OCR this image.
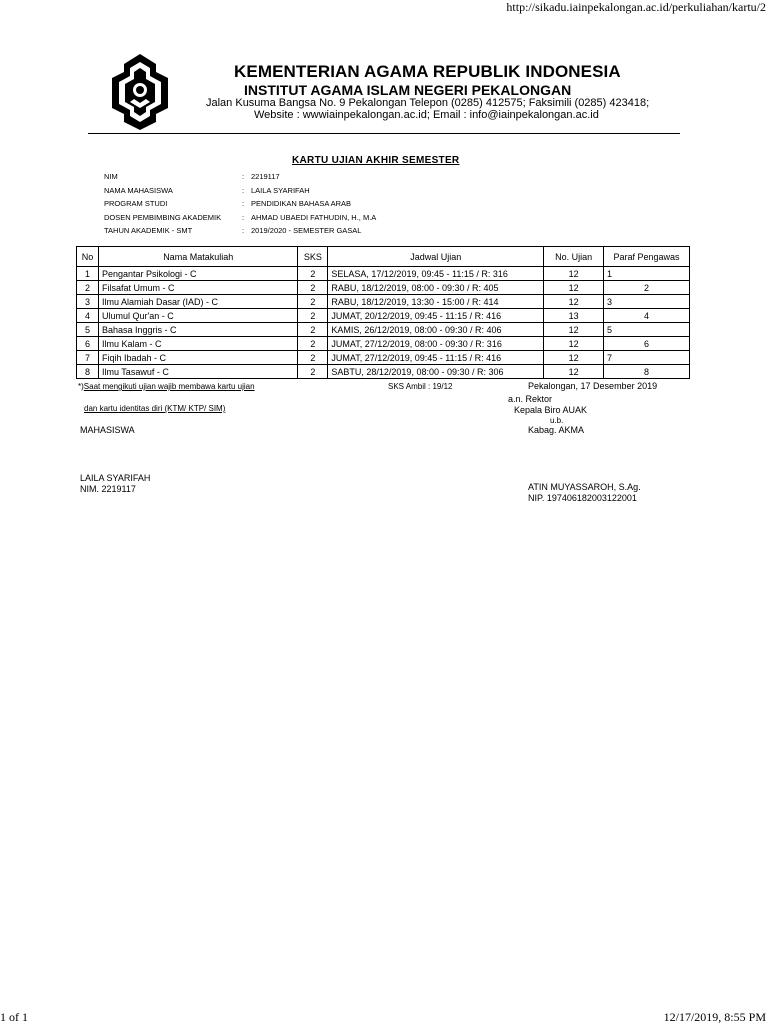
http://sikadu.iainpekalongan.ac.id/perkuliahan/kartu/2
KEMENTERIAN AGAMA REPUBLIK INDONESIA
INSTITUT AGAMA ISLAM NEGERI PEKALONGAN
Jalan Kusuma Bangsa No. 9 Pekalongan Telepon (0285) 412575; Faksimili (0285) 423418;
Website : wwwiainpekalongan.ac.id; Email : info@iainpekalongan.ac.id
KARTU UJIAN AKHIR SEMESTER
NIM	: 2219117
NAMA MAHASISWA	: LAILA SYARIFAH
PROGRAM STUDI	: PENDIDIKAN BAHASA ARAB
DOSEN PEMBIMBING AKADEMIK	: AHMAD UBAEDI FATHUDIN, H., M.A
TAHUN AKADEMIK - SMT	: 2019/2020 - SEMESTER GASAL
No	Nama Matakuliah	SKS	Jadwal Ujian	No. Ujian	Paraf Pengawas
1	Pengantar Psikologi - C	2	SELASA, 17/12/2019, 09:45 - 11:15 / R: 316	12	1
2	Filsafat Umum - C	2	RABU, 18/12/2019, 08:00 - 09:30 / R: 405	12	2
3	Ilmu Alamiah Dasar (IAD) - C	2	RABU, 18/12/2019, 13:30 - 15:00 / R: 414	12	3
4	Ulumul Qur'an - C	2	JUMAT, 20/12/2019, 09:45 - 11:15 / R: 416	13	4
5	Bahasa Inggris - C	2	KAMIS, 26/12/2019, 08:00 - 09:30 / R: 406	12	5
6	Ilmu Kalam - C	2	JUMAT, 27/12/2019, 08:00 - 09:30 / R: 316	12	6
7	Fiqih Ibadah - C	2	JUMAT, 27/12/2019, 09:45 - 11:15 / R: 416	12	7
8	Ilmu Tasawuf - C	2	SABTU, 28/12/2019, 08:00 - 09:30 / R: 306	12	8
*)Saat mengikuti ujian wajib membawa kartu ujian
dan kartu identitas diri (KTM/ KTP/ SIM)
SKS Ambil : 19/12	Pekalongan, 17 Desember 2019
a.n. Rektor
Kepala Biro AUAK
u.b.
Kabag. AKMA
MAHASISWA
LAILA SYARIFAH
NIM. 2219117	ATIN MUYASSAROH, S.Ag.
NIP. 197406182003122001
1 of 1	12/17/2019, 8:55 PM
